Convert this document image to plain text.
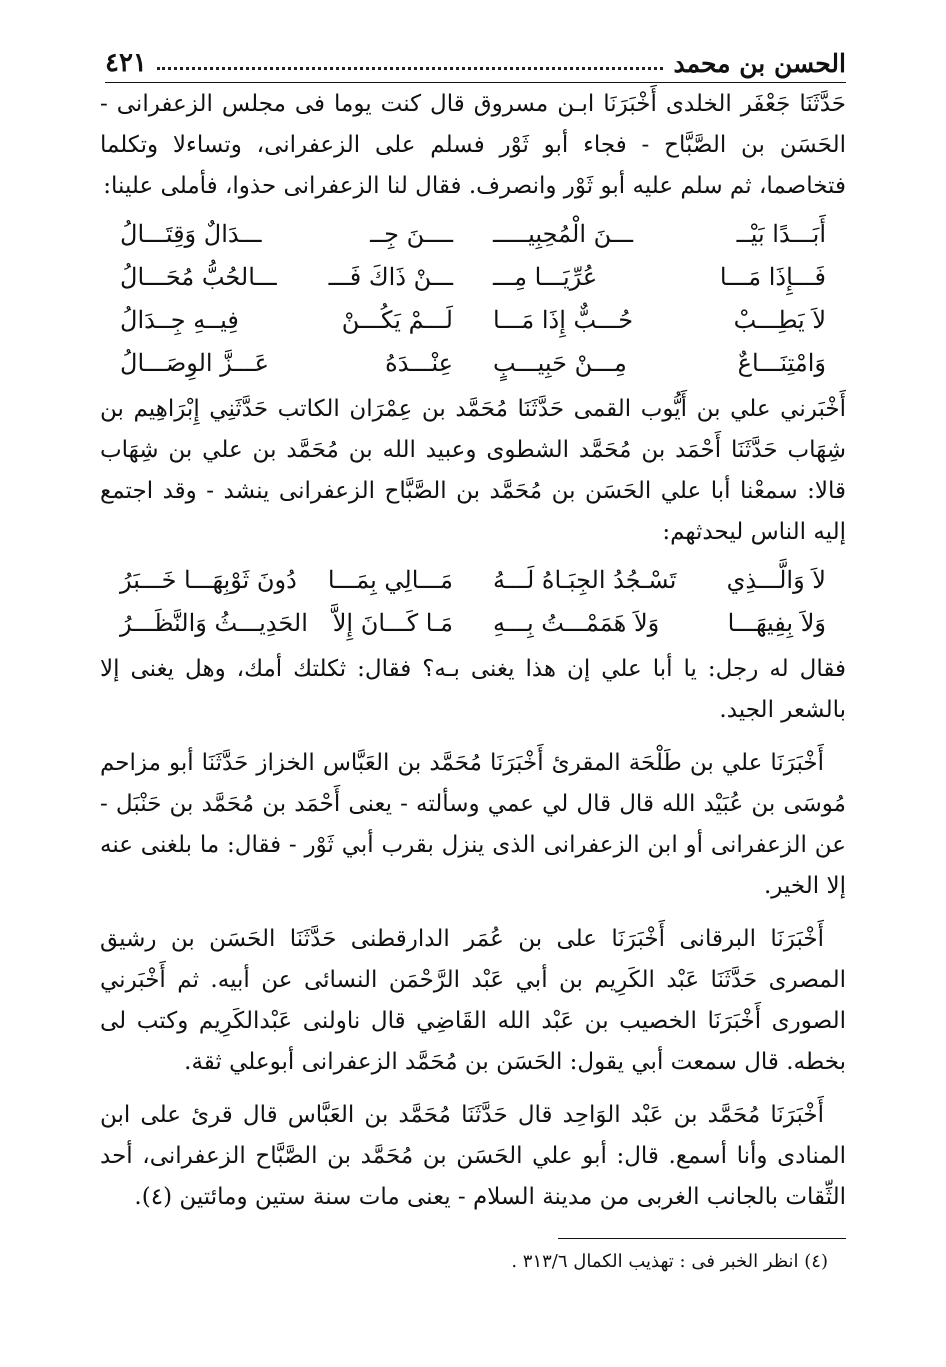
الحسن بن محمد
٤٢١

حَدَّثَنَا جَعْفَر الخلدى أَخْبَرَنَا ابـن مسروق قال كنت يوما فى مجلس الزعفرانى - الحَسَن بن الصَّبَّاح - فجاء أبو ثَوْر فسلم على الزعفرانى، وتساءلا وتكلما فتخاصما، ثم سلم عليه أبو ثَوْر وانصرف. فقال لنا الزعفرانى حذوا، فأملى علينا:

أَبَـــدًا بَيْــ
ـــنَ الْمُحِبِيـــــ
ــــنَ جِــ
ـــدَالٌ وَقِتَـــالُ
فَـــإِذَا مَـــا
عُرِّيَـــا مِـــ
ـــنْ ذَاكَ فَـــ
ـــالحُبُّ مُحَـــالُ
لاَ يَطِـــبْ
حُـــبٌّ إِذَا مَـــا
لَـــمْ يَكُـــنْ
فِيــهِ جِــدَالُ
وَامْتِنَـــاعٌ
مِـــنْ حَبِيـــبٍ
عِنْـــدَهُ
عَـــزَّ الوِصَـــالُ

أَخْبَرني علي بن أَيُّوب القمى حَدَّثَنَا مُحَمَّد بن عِمْرَان الكاتب حَدَّثَنِي إِبْرَاهِيم بن شِهَاب حَدَّثَنَا أَحْمَد بن مُحَمَّد الشطوى وعبيد الله بن مُحَمَّد بن علي بن شِهَاب قالا: سمعْنا أبا علي الحَسَن بن مُحَمَّد بن الصَّبَّاح الزعفرانى ينشد - وقد اجتمع إليه الناس ليحدثهم:

لاَ وَالَّـــذِي
تَسْـجُدُ الجِبَـاهُ لَـــهُ
مَـــالِي بِمَـــا
دُونَ ثَوْبِهَـــا خَـــبَرُ
وَلاَ بِفِيهَـــا
وَلاَ هَمَمْـــتُ بِـــهِ
مَـا كَـــانَ إِلاَّ
الحَدِيـــثُ وَالنَّظَـــرُ

فقال له رجل: يا أبا علي إن هذا يغنى بـه؟ فقال: ثكلتك أمك، وهل يغنى إلا بالشعر الجيد.

أَخْبَرَنَا علي بن طَلْحَة المقرئ أَخْبَرَنَا مُحَمَّد بن العَبَّاس الخزاز حَدَّثَنَا أبو مزاحم مُوسَى بن عُبَيْد الله قال قال لي عمي وسألته - يعنى أَحْمَد بن مُحَمَّد بن حَنْبَل - عن الزعفرانى أو ابن الزعفرانى الذى ينزل بقرب أبي ثَوْر - فقال: ما بلغنى عنه إلا الخير.

أَخْبَرَنَا البرقانى أَخْبَرَنَا على بن عُمَر الدارقطنى حَدَّثَنَا الحَسَن بن رشيق المصرى حَدَّثَنَا عَبْد الكَرِيم بن أبي عَبْد الرَّحْمَن النسائى عن أبيه. ثم أَخْبَرني الصورى أَخْبَرَنَا الخصيب بن عَبْد الله القَاضِي قال ناولنى عَبْدالكَرِيم وكتب لى بخطه. قال سمعت أبي يقول: الحَسَن بن مُحَمَّد الزعفرانى أبوعلي ثقة.

أَخْبَرَنَا مُحَمَّد بن عَبْد الوَاحِد قال حَدَّثَنَا مُحَمَّد بن العَبَّاس قال قرئ على ابن المنادى وأنا أسمع. قال: أبو علي الحَسَن بن مُحَمَّد بن الصَّبَّاح الزعفرانى، أحد الثِّقات بالجانب الغربى من مدينة السلام - يعنى مات سنة ستين ومائتين (٤).

(٤) انظر الخبر فى : تهذيب الكمال ٣١٣/٦ .
